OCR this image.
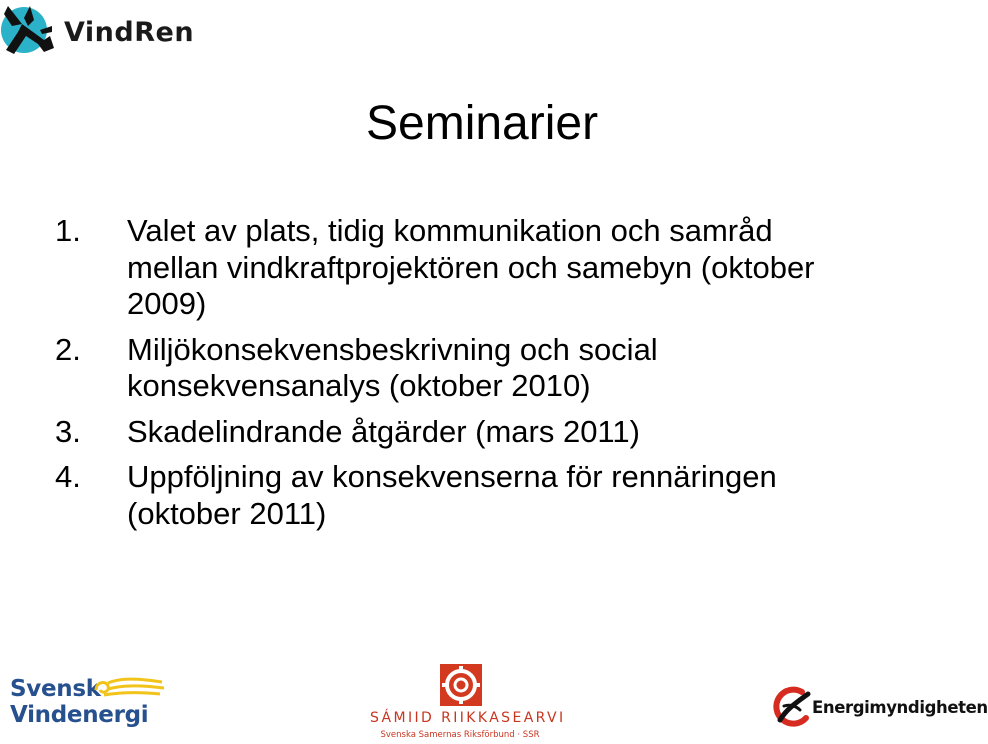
VindRen
Seminarier
1. Valet av plats, tidig kommunikation och samråd mellan vindkraftprojektören och samebyn (oktober 2009)
2. Miljökonsekvensbeskrivning och social konsekvensanalys (oktober 2010)
3. Skadelindrande åtgärder (mars 2011)
4. Uppföljning av konsekvenserna för rennäringen (oktober 2011)
Svensk
Vindenergi	SÁMIID RIIKKASEARVI
Svenska Samernas Riksförbund · SSR
Energimyndigheten
